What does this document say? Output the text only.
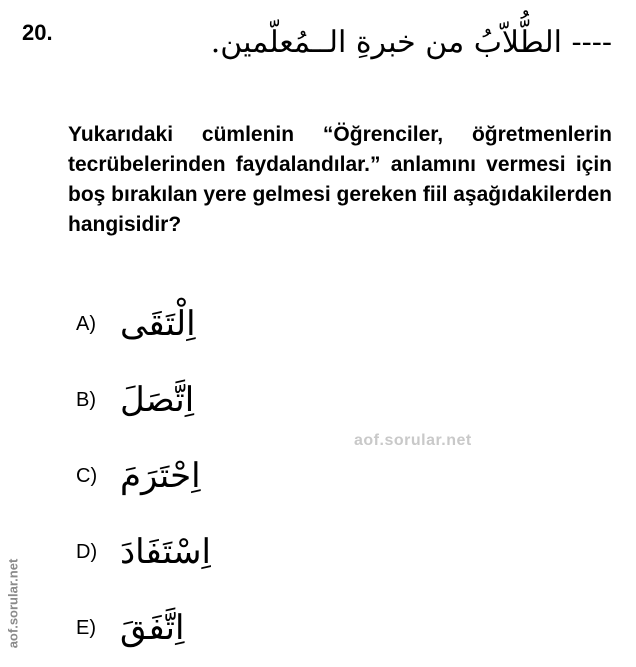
20.	---- الطُّلاّبُ من خبرةِ الــمُعلّمين.
Yukarıdaki cümlenin “Öğrenciler, öğretmenlerin tecrübelerinden faydalandılar.” anlamını vermesi için boş bırakılan yere gelmesi gereken fiil aşağıdakilerden hangisidir?
A) اِلْتَقَى
B) اِتَّصَلَ
C) اِحْتَرَمَ
D) اِسْتَفَادَ
E) اِتَّفَقَ
aof.sorular.net
aof.sorular.net
